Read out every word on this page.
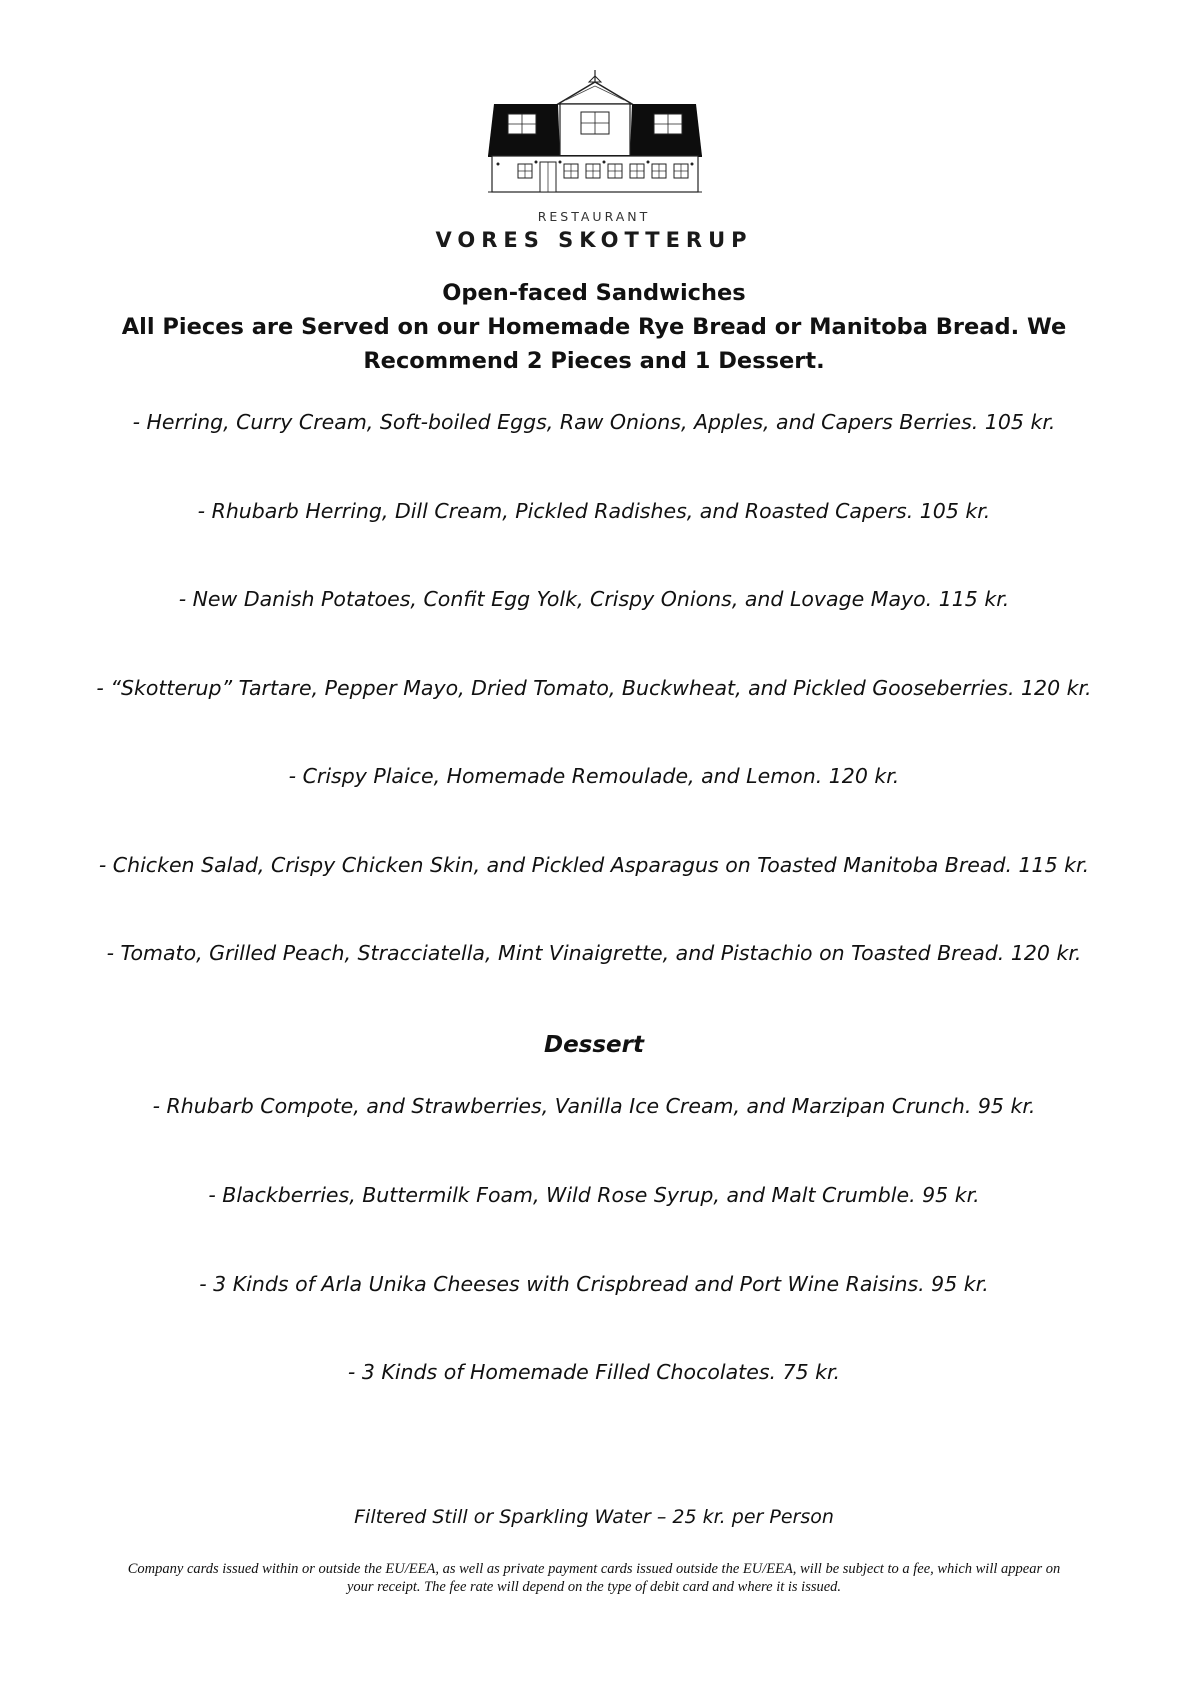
RESTAURANT
VORES SKOTTERUP
Open-faced Sandwiches
All Pieces are Served on our Homemade Rye Bread or Manitoba Bread. We
Recommend 2 Pieces and 1 Dessert.
- Herring, Curry Cream, Soft-boiled Eggs, Raw Onions, Apples, and Capers Berries. 105 kr.
- Rhubarb Herring, Dill Cream, Pickled Radishes, and Roasted Capers. 105 kr.
- New Danish Potatoes, Confit Egg Yolk, Crispy Onions, and Lovage Mayo. 115 kr.
- “Skotterup” Tartare, Pepper Mayo, Dried Tomato, Buckwheat, and Pickled Gooseberries. 120 kr.
- Crispy Plaice, Homemade Remoulade, and Lemon. 120 kr.
- Chicken Salad, Crispy Chicken Skin, and Pickled Asparagus on Toasted Manitoba Bread. 115 kr.
- Tomato, Grilled Peach, Stracciatella, Mint Vinaigrette, and Pistachio on Toasted Bread. 120 kr.
Dessert
- Rhubarb Compote, and Strawberries, Vanilla Ice Cream, and Marzipan Crunch. 95 kr.
- Blackberries, Buttermilk Foam, Wild Rose Syrup, and Malt Crumble. 95 kr.
- 3 Kinds of Arla Unika Cheeses with Crispbread and Port Wine Raisins. 95 kr.
- 3 Kinds of Homemade Filled Chocolates. 75 kr.
Filtered Still or Sparkling Water – 25 kr. per Person
Company cards issued within or outside the EU/EEA, as well as private payment cards issued outside the EU/EEA, will be subject to a fee, which will appear on
your receipt. The fee rate will depend on the type of debit card and where it is issued.
